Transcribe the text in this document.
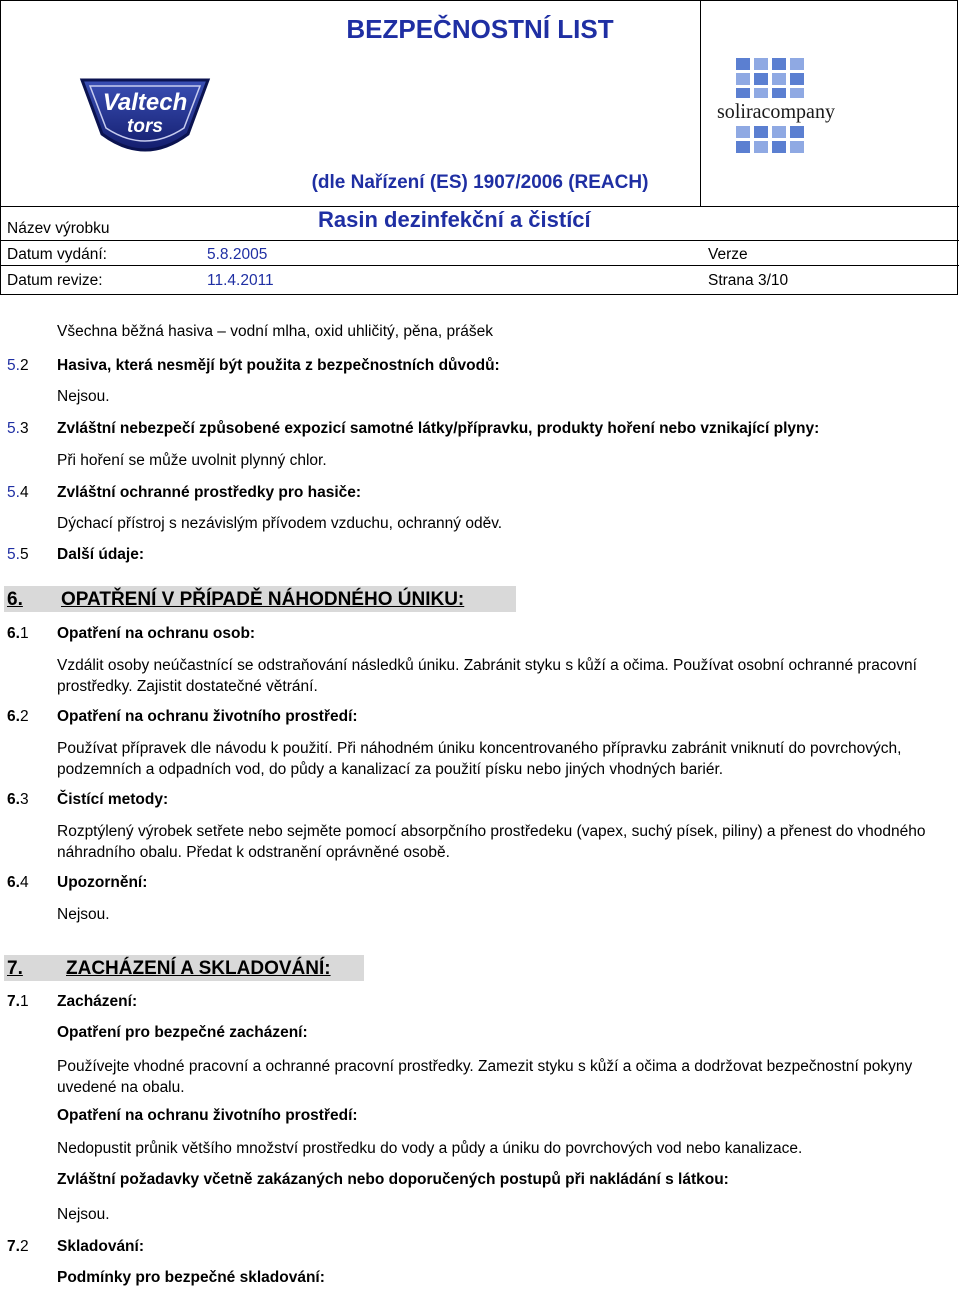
BEZPEČNOSTNÍ LIST
(dle Nařízení (ES) 1907/2006 (REACH)
Valtech
tors
soliracompany
Název výrobku	Rasin dezinfekční a čistící
Datum vydání:	5.8.2005	Verze
Datum revize:	11.4.2011	Strana 3/10
Všechna běžná hasiva – vodní mlha, oxid uhličitý, pěna, prášek
5.2 Hasiva, která nesmějí být použita z bezpečnostních důvodů:
Nejsou.
5.3 Zvláštní nebezpečí způsobené expozicí samotné látky/přípravku, produkty hoření nebo vznikající plyny:
Při hoření se může uvolnit plynný chlor.
5.4 Zvláštní ochranné prostředky pro hasiče:
Dýchací přístroj s nezávislým přívodem vzduchu, ochranný oděv.
5.5 Další údaje:
6. OPATŘENÍ V PŘÍPADĚ NÁHODNÉHO ÚNIKU:
6.1 Opatření na ochranu osob:
Vzdálit osoby neúčastnící se odstraňování následků úniku. Zabránit styku s kůží a očima. Používat osobní ochranné pracovní prostředky. Zajistit dostatečné větrání.
6.2 Opatření na ochranu životního prostředí:
Používat přípravek dle návodu k použití. Při náhodném úniku koncentrovaného přípravku zabránit vniknutí do povrchových, podzemních a odpadních vod, do půdy a kanalizací za použití písku nebo jiných vhodných bariér.
6.3 Čistící metody:
Rozptýlený výrobek setřete nebo sejměte pomocí absorpčního prostředeku (vapex, suchý písek, piliny) a přenest do vhodného náhradního obalu. Předat k odstranění oprávněné osobě.
6.4 Upozornění:
Nejsou.
7. ZACHÁZENÍ A SKLADOVÁNÍ:
7.1 Zacházení:
Opatření pro bezpečné zacházení:
Používejte vhodné pracovní a ochranné pracovní prostředky. Zamezit styku s kůží a očima a dodržovat bezpečnostní pokyny uvedené na obalu.
Opatření na ochranu životního prostředí:
Nedopustit průnik většího množství prostředku do vody a půdy a úniku do povrchových vod nebo kanalizace.
Zvláštní požadavky včetně zakázaných nebo doporučených postupů při nakládání s látkou:
Nejsou.
7.2 Skladování:
Podmínky pro bezpečné skladování:
